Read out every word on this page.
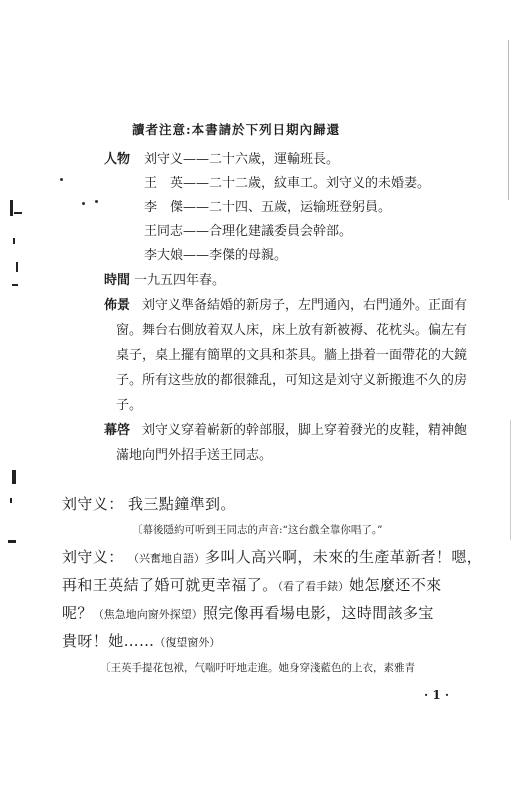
讀者注意:本書請於下列日期內歸還
人物 刘守义——二十六歲，運輸班長。
王　英——二十二歲，紋車工。刘守义的未婚妻。
李　傑——二十四、五歲，运输班登躬員。
王同志——合理化建議委員会幹部。
李大娘——李傑的母親。
時間 一九五四年春。
佈景 刘守义準备結婚的新房子，左門通內，右門通外。正面有
窗。舞台右側放着双人床，床上放有新被褥、花枕头。偏左有
桌子，桌上擺有簡單的文具和茶具。牆上掛着一面帶花的大鏡
子。所有这些放的都很雜乱，可知这是刘守义新搬進不久的房
子。
幕啓 刘守义穿着嶄新的幹部服，脚上穿着發光的皮鞋，精神飽
滿地向門外招手送王同志。
刘守义： 我三點鐘準到。
〔幕後隱約可听到王同志的声音:“这台戲全靠你唱了。”
刘守义： （兴奮地自語）多叫人高兴啊，未來的生產革新者！嗯，
再和王英結了婚可就更幸福了。（看了看手錶）她怎麼还不來
呢？（焦急地向窗外探望）照完像再看場电影，这時間該多宝
貴呀！她……（復望窗外）
〔王英手提花包袱，气喘吁吁地走進。她身穿淺藍色的上衣，素雅青
· 1 ·
